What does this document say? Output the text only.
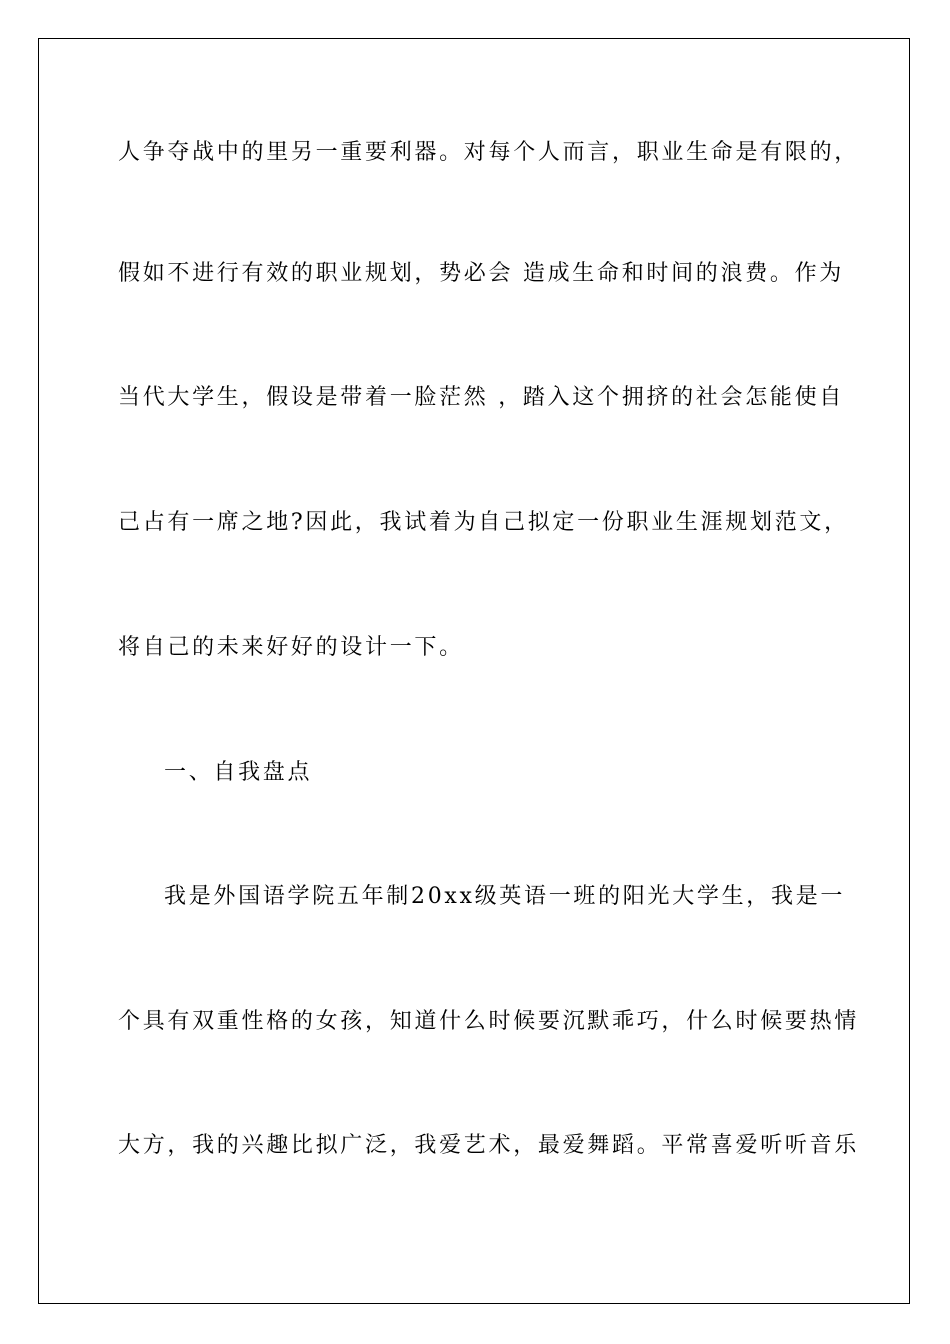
人争夺战中的里另一重要利器。对每个人而言，职业生命是有限的，
假如不进行有效的职业规划，势必会 造成生命和时间的浪费。作为
当代大学生，假设是带着一脸茫然 ，踏入这个拥挤的社会怎能使自
己占有一席之地?因此，我试着为自己拟定一份职业生涯规划范文，
将自己的未来好好的设计一下。
一、自我盘点
我是外国语学院五年制20xx级英语一班的阳光大学生，我是一
个具有双重性格的女孩，知道什么时候要沉默乖巧，什么时候要热情
大方，我的兴趣比拟广泛，我爱艺术，最爱舞蹈。平常喜爱听听音乐
